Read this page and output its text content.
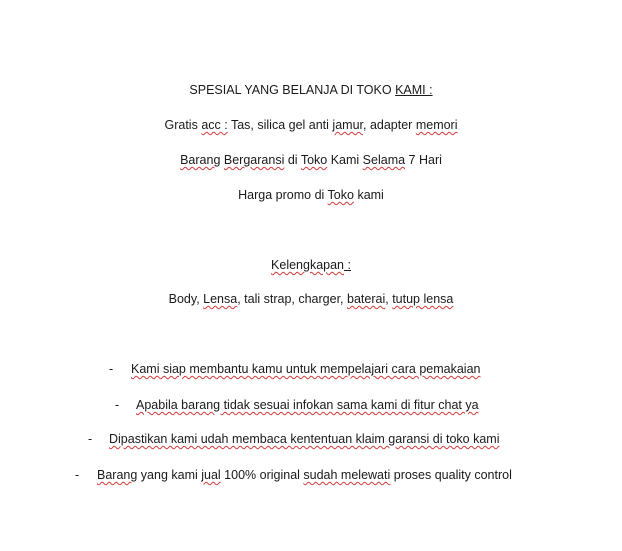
SPESIAL YANG BELANJA DI TOKO KAMI :
Gratis acc : Tas, silica gel anti jamur, adapter memori
Barang Bergaransi di Toko Kami Selama 7 Hari
Harga promo di Toko kami
Kelengkapan :
Body, Lensa, tali strap, charger, baterai, tutup lensa
- Kami siap membantu kamu untuk mempelajari cara pemakaian
- Apabila barang tidak sesuai infokan sama kami di fitur chat ya
- Dipastikan kami udah membaca kententuan klaim garansi di toko kami
- Barang yang kami jual 100% original sudah melewati proses quality control
